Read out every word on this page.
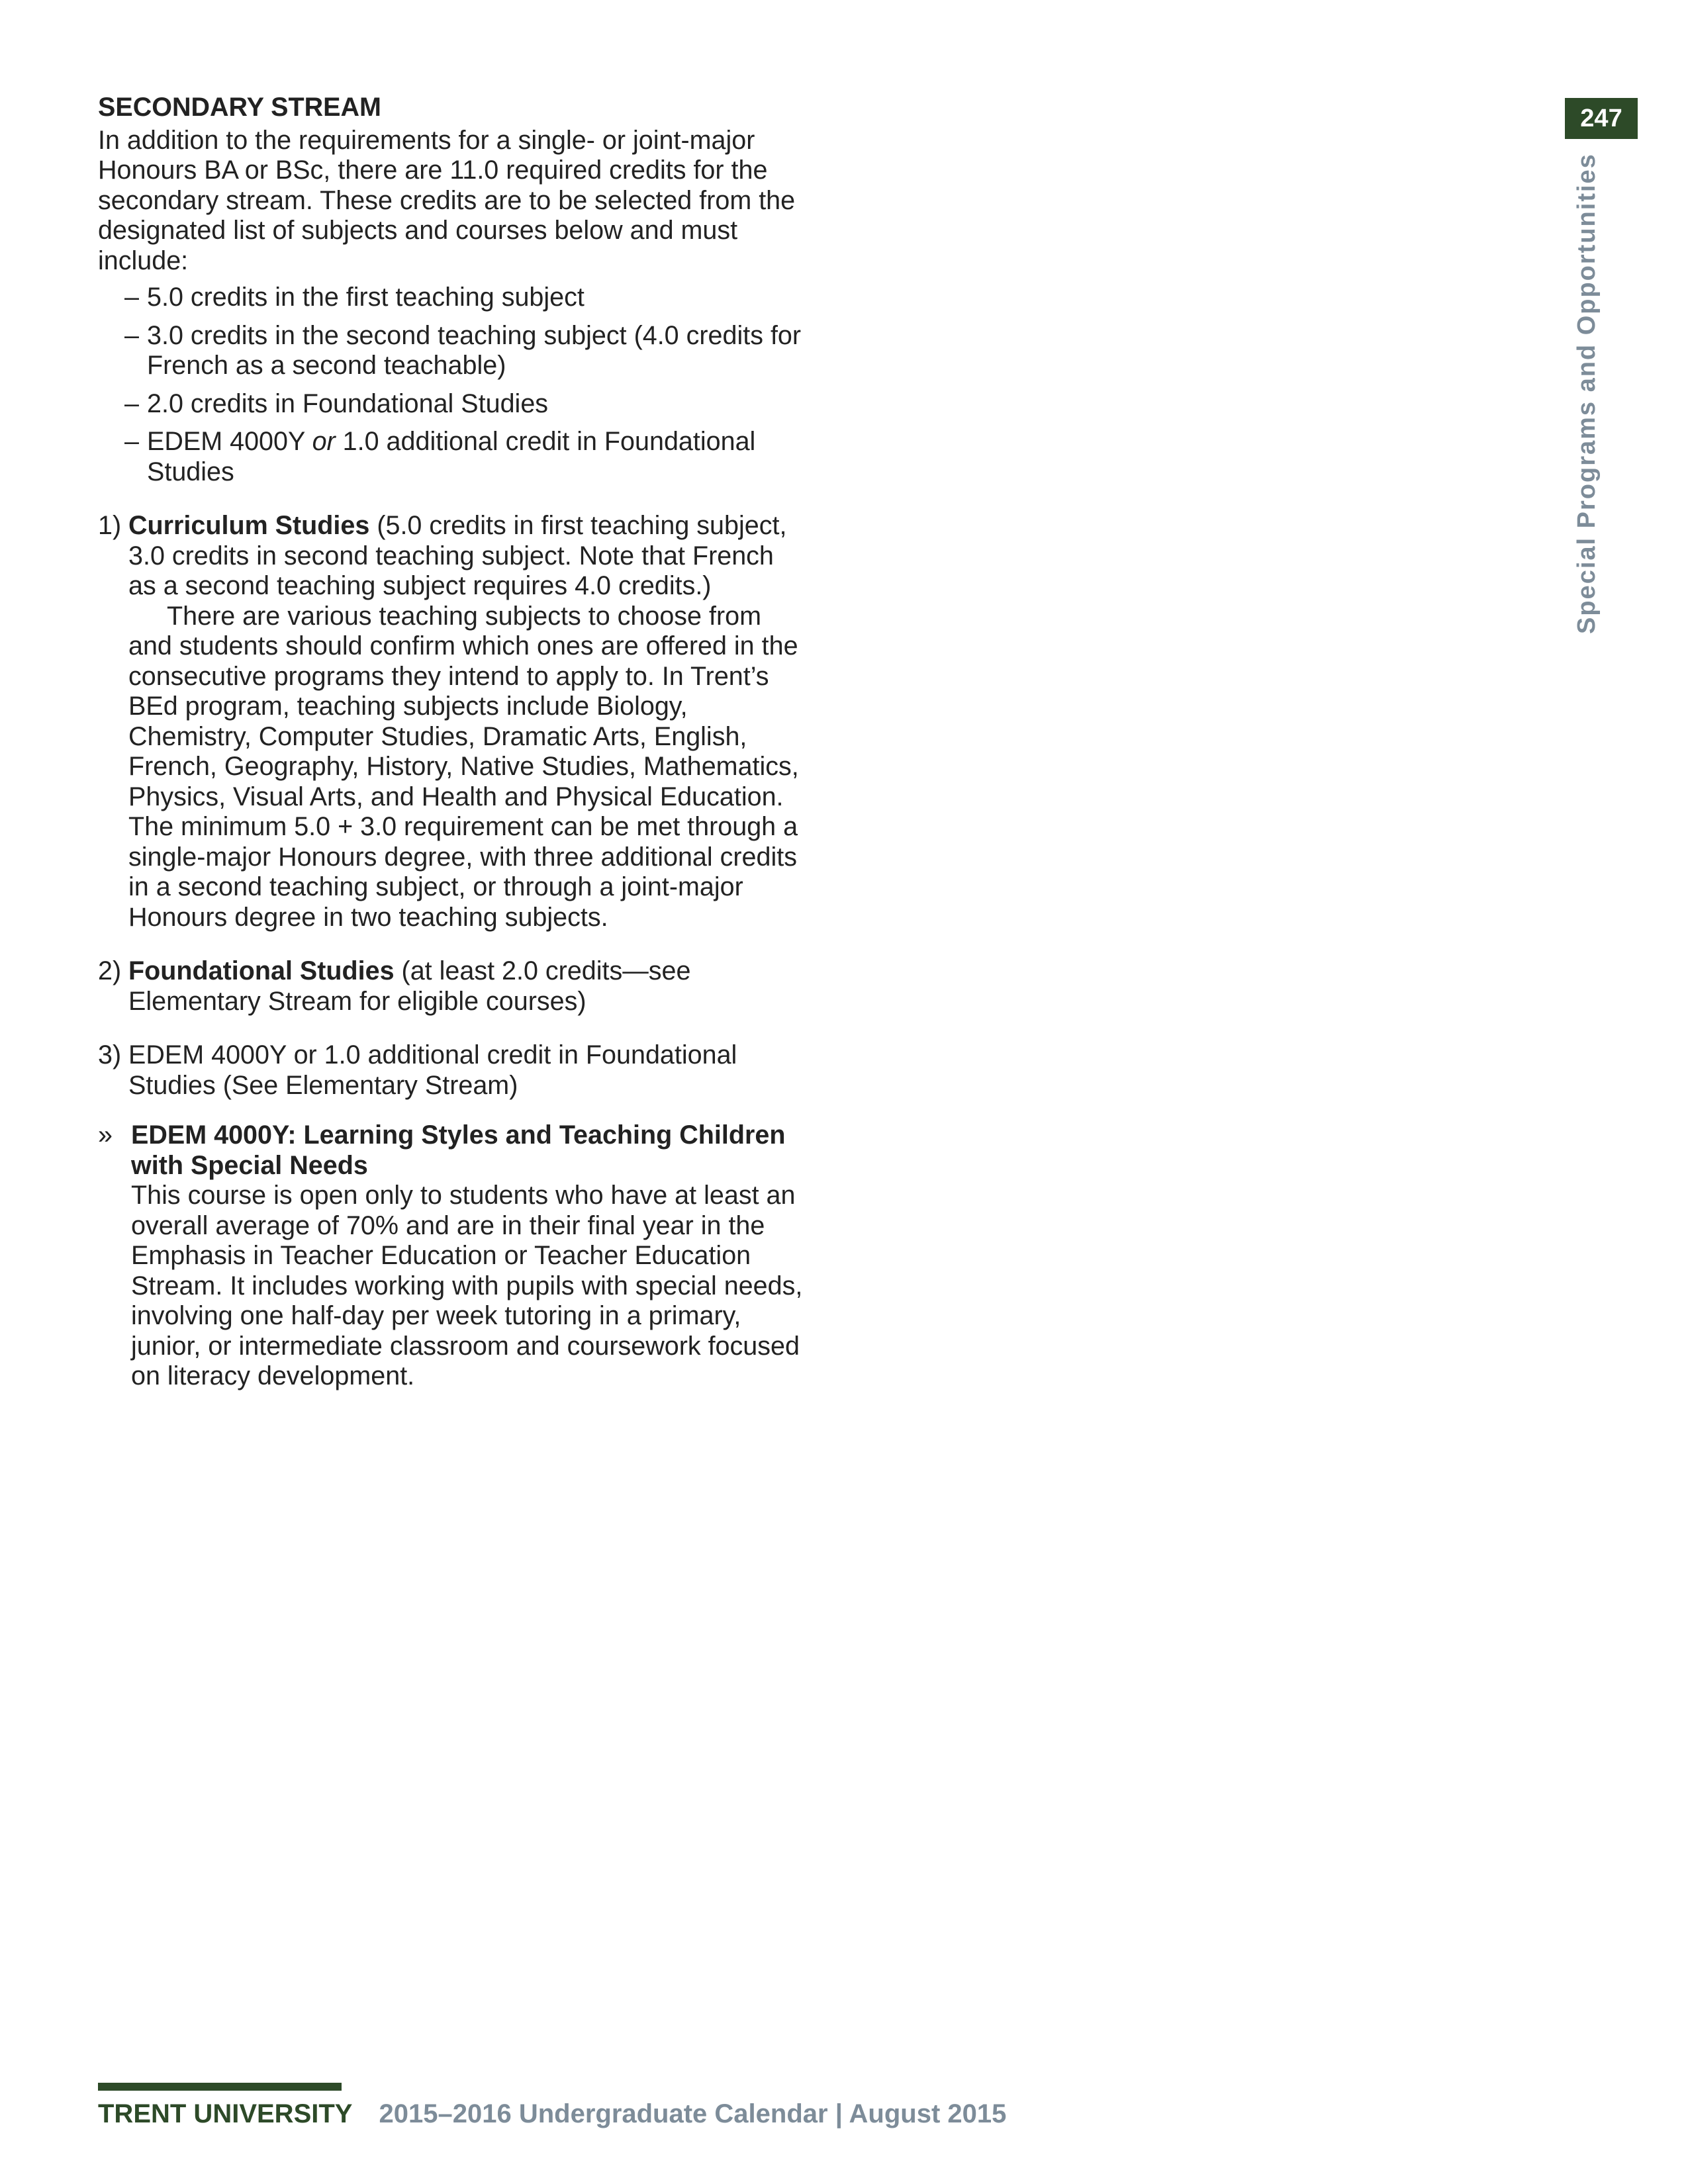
247
Special Programs and Opportunities
SECONDARY STREAM

In addition to the requirements for a single- or joint-major Honours BA or BSc, there are 11.0 required credits for the secondary stream. These credits are to be selected from the designated list of subjects and courses below and must include:

– 5.0 credits in the first teaching subject
– 3.0 credits in the second teaching subject (4.0 credits for French as a second teachable)
– 2.0 credits in Foundational Studies
– EDEM 4000Y or 1.0 additional credit in Foundational Studies
1) Curriculum Studies (5.0 credits in first teaching subject, 3.0 credits in second teaching subject. Note that French as a second teaching subject requires 4.0 credits.)
There are various teaching subjects to choose from and students should confirm which ones are offered in the consecutive programs they intend to apply to. In Trent’s BEd program, teaching subjects include Biology, Chemistry, Computer Studies, Dramatic Arts, English, French, Geography, History, Native Studies, Mathematics, Physics, Visual Arts, and Health and Physical Education. The minimum 5.0 + 3.0 requirement can be met through a single-major Honours degree, with three additional credits in a second teaching subject, or through a joint-major Honours degree in two teaching subjects.
2) Foundational Studies (at least 2.0 credits—see Elementary Stream for eligible courses)
3) EDEM 4000Y or 1.0 additional credit in Foundational Studies (See Elementary Stream)
» EDEM 4000Y: Learning Styles and Teaching Children with Special Needs
This course is open only to students who have at least an overall average of 70% and are in their final year in the Emphasis in Teacher Education or Teacher Education Stream. It includes working with pupils with special needs, involving one half-day per week tutoring in a primary, junior, or intermediate classroom and coursework focused on literacy development.
TRENT UNIVERSITY 2015–2016 Undergraduate Calendar | August 2015
